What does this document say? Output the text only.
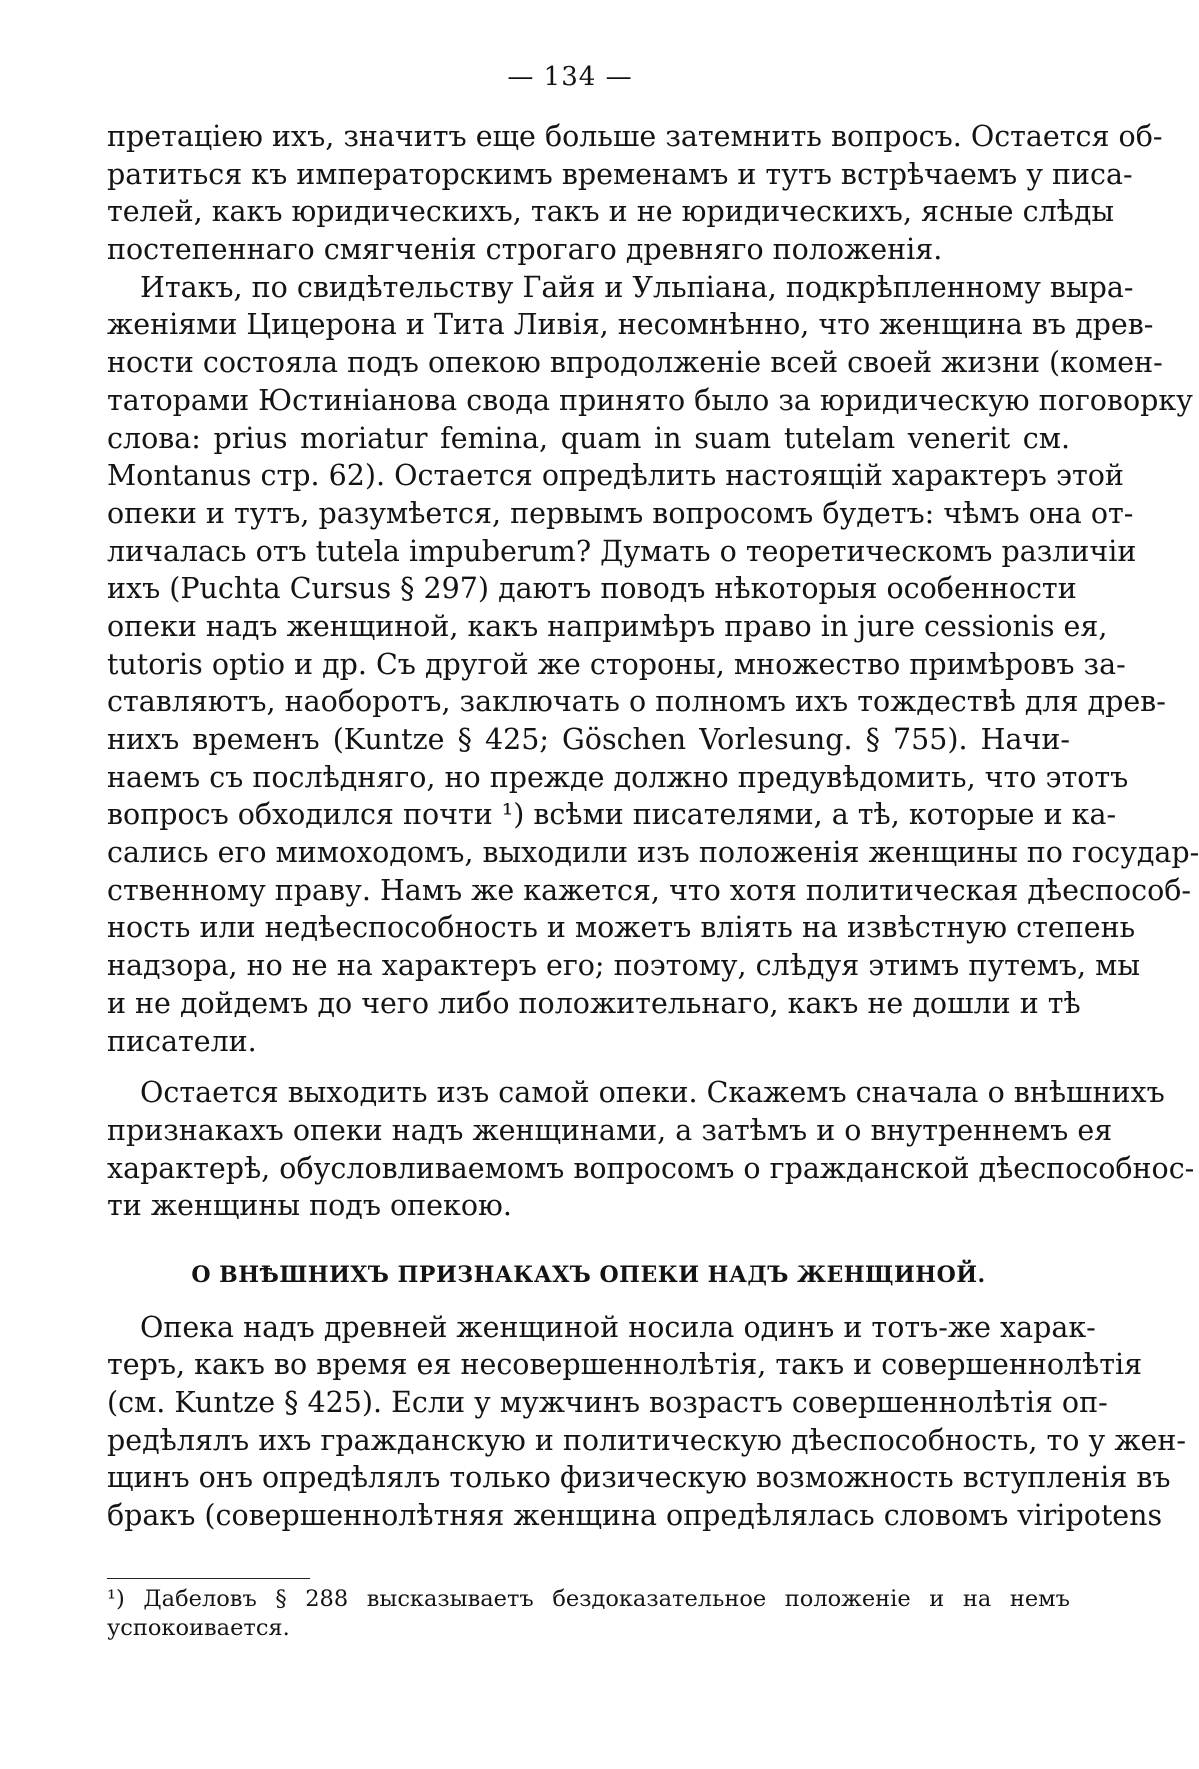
— 134 —
претаціею ихъ, значитъ еще больше затемнить вопросъ. Остается об-
ратиться къ императорскимъ временамъ и тутъ встрѣчаемъ у писа-
телей, какъ юридическихъ, такъ и не юридическихъ, ясные слѣды
постепеннаго смягченія строгаго древняго положенія.
Итакъ, по свидѣтельству Гайя и Ульпіана, подкрѣпленному выра-
женіями Цицерона и Тита Ливія, несомнѣнно, что женщина въ древ-
ности состояла подъ опекою впродолженіе всей своей жизни (комен-
таторами Юстиніанова свода принято было за юридическую поговорку
слова: prius moriatur femina, quam in suam tutelam venerit см.
Montanus стр. 62). Остается опредѣлить настоящій характеръ этой
опеки и тутъ, разумѣется, первымъ вопросомъ будетъ: чѣмъ она от-
личалась отъ tutela impuberum? Думать о теоретическомъ различіи
ихъ (Puchta Cursus § 297) даютъ поводъ нѣкоторыя особенности
опеки надъ женщиной, какъ напримѣръ право in jure cessionis ея,
tutoris optio и др. Съ другой же стороны, множество примѣровъ за-
ставляютъ, наоборотъ, заключать о полномъ ихъ тождествѣ для древ-
нихъ временъ (Kuntze § 425; Göschen Vorlesung. § 755). Начи-
наемъ съ послѣдняго, но прежде должно предувѣдомить, что этотъ
вопросъ обходился почти ¹) всѣми писателями, а тѣ, которые и ка-
сались его мимоходомъ, выходили изъ положенія женщины по государ-
ственному праву. Намъ же кажется, что хотя политическая дѣеспособ-
ность или недѣеспособность и можетъ вліять на извѣстную степень
надзора, но не на характеръ его; поэтому, слѣдуя этимъ путемъ, мы
и не дойдемъ до чего либо положительнаго, какъ не дошли и тѣ
писатели.
Остается выходить изъ самой опеки. Скажемъ сначала о внѣшнихъ
признакахъ опеки надъ женщинами, а затѣмъ и о внутреннемъ ея
характерѣ, обусловливаемомъ вопросомъ о гражданской дѣеспособнос-
ти женщины подъ опекою.
О ВНѢШНИХЪ ПРИЗНАКАХЪ ОПЕКИ НАДЪ ЖЕНЩИНОЙ.
Опека надъ древней женщиной носила одинъ и тотъ-же харак-
теръ, какъ во время ея несовершеннолѣтія, такъ и совершеннолѣтія
(см. Kuntze § 425). Если у мужчинъ возрастъ совершеннолѣтія оп-
редѣлялъ ихъ гражданскую и политическую дѣеспособность, то у жен-
щинъ онъ опредѣлялъ только физическую возможность вступленія въ
бракъ (совершеннолѣтняя женщина опредѣлялась словомъ viripotens
¹) Дабеловъ § 288 высказываетъ бездоказательное положеніе и на немъ
успокоивается.
